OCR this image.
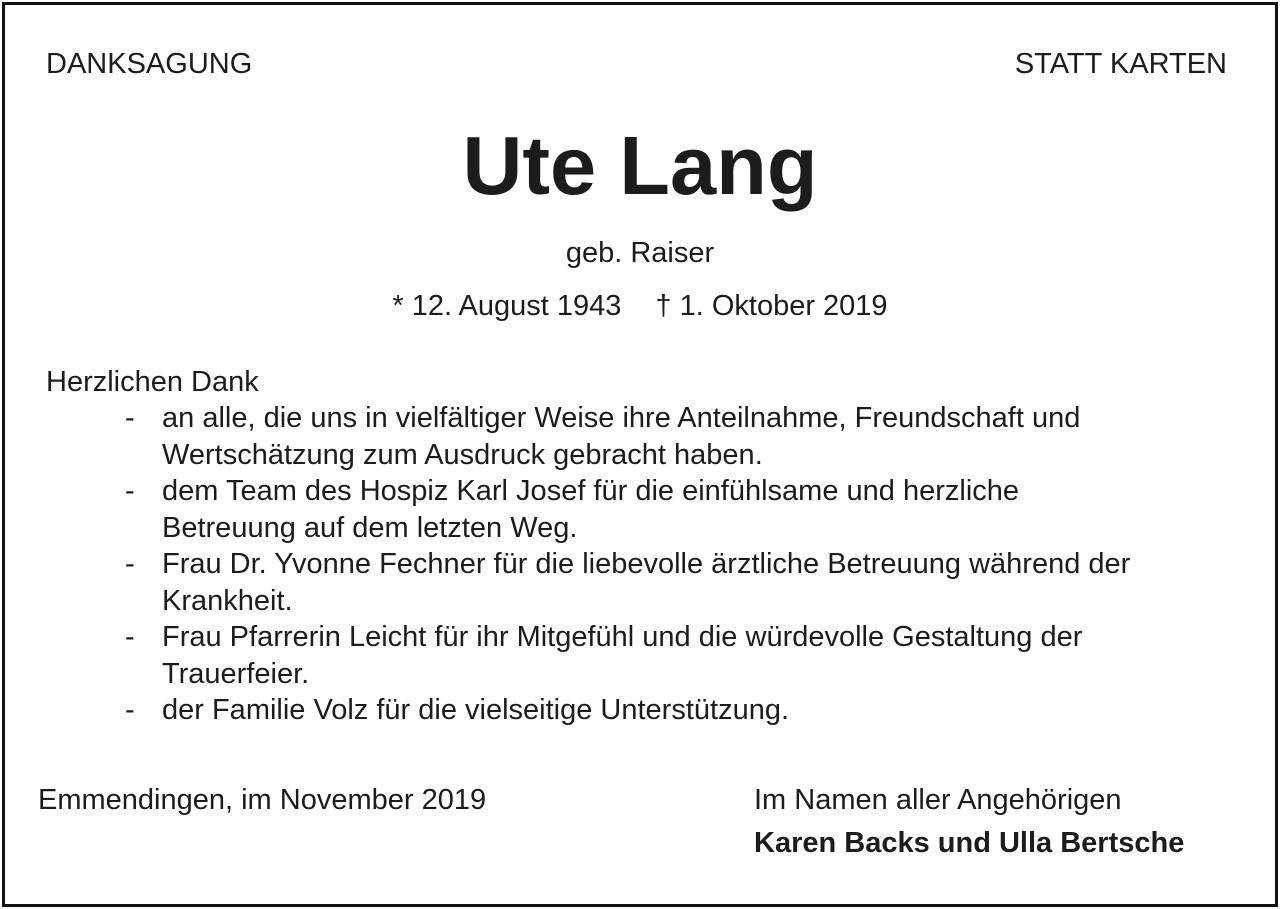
DANKSAGUNG	STATT KARTEN
Ute Lang
geb. Raiser
* 12. August 1943 † 1. Oktober 2019
Herzlichen Dank
- an alle, die uns in vielfältiger Weise ihre Anteilnahme, Freundschaft und
Wertschätzung zum Ausdruck gebracht haben.
- dem Team des Hospiz Karl Josef für die einfühlsame und herzliche
Betreuung auf dem letzten Weg.
- Frau Dr. Yvonne Fechner für die liebevolle ärztliche Betreuung während der
Krankheit.
- Frau Pfarrerin Leicht für ihr Mitgefühl und die würdevolle Gestaltung der
Trauerfeier.
- der Familie Volz für die vielseitige Unterstützung.
Emmendingen, im November 2019	Im Namen aller Angehörigen
Karen Backs und Ulla Bertsche
